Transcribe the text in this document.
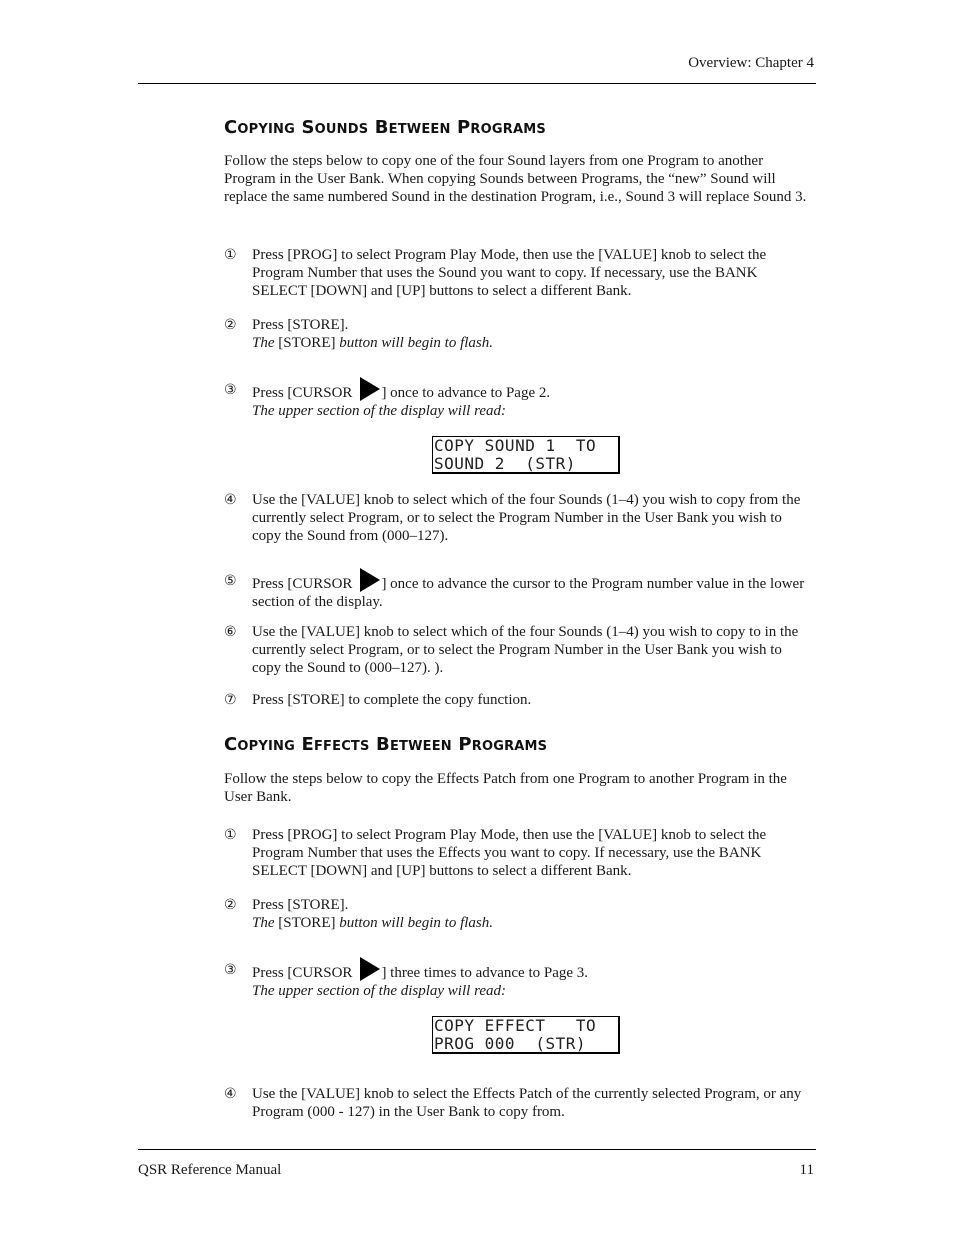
Overview: Chapter 4
Copying Sounds Between Programs
Follow the steps below to copy one of the four Sound layers from one Program to another Program in the User Bank. When copying Sounds between Programs, the “new” Sound will replace the same numbered Sound in the destination Program, i.e., Sound 3 will replace Sound 3.
①	Press [PROG] to select Program Play Mode, then use the [VALUE] knob to select the Program Number that uses the Sound you want to copy. If necessary, use the BANK SELECT [DOWN] and [UP] buttons to select a different Bank.
②	Press [STORE].
The [STORE] button will begin to flash.
③	Press [CURSOR ] once to advance to Page 2.
The upper section of the display will read:
COPY SOUND 1  TO
SOUND 2  (STR)
④	Use the [VALUE] knob to select which of the four Sounds (1–4) you wish to copy from the currently select Program, or to select the Program Number in the User Bank you wish to copy the Sound from (000–127).
⑤	Press [CURSOR ] once to advance the cursor to the Program number value in the lower section of the display.
⑥	Use the [VALUE] knob to select which of the four Sounds (1–4) you wish to copy to in the currently select Program, or to select the Program Number in the User Bank you wish to copy the Sound to (000–127). ).
⑦	Press [STORE] to complete the copy function.
Copying Effects Between Programs
Follow the steps below to copy the Effects Patch from one Program to another Program in the User Bank.
①	Press [PROG] to select Program Play Mode, then use the [VALUE] knob to select the Program Number that uses the Effects you want to copy. If necessary, use the BANK SELECT [DOWN] and [UP] buttons to select a different Bank.
②	Press [STORE].
The [STORE] button will begin to flash.
③	Press [CURSOR ] three times to advance to Page 3.
The upper section of the display will read:
COPY EFFECT   TO
PROG 000  (STR)
④	Use the [VALUE] knob to select the Effects Patch of the currently selected Program, or any Program (000 - 127) in the User Bank to copy from.
QSR Reference Manual	11
